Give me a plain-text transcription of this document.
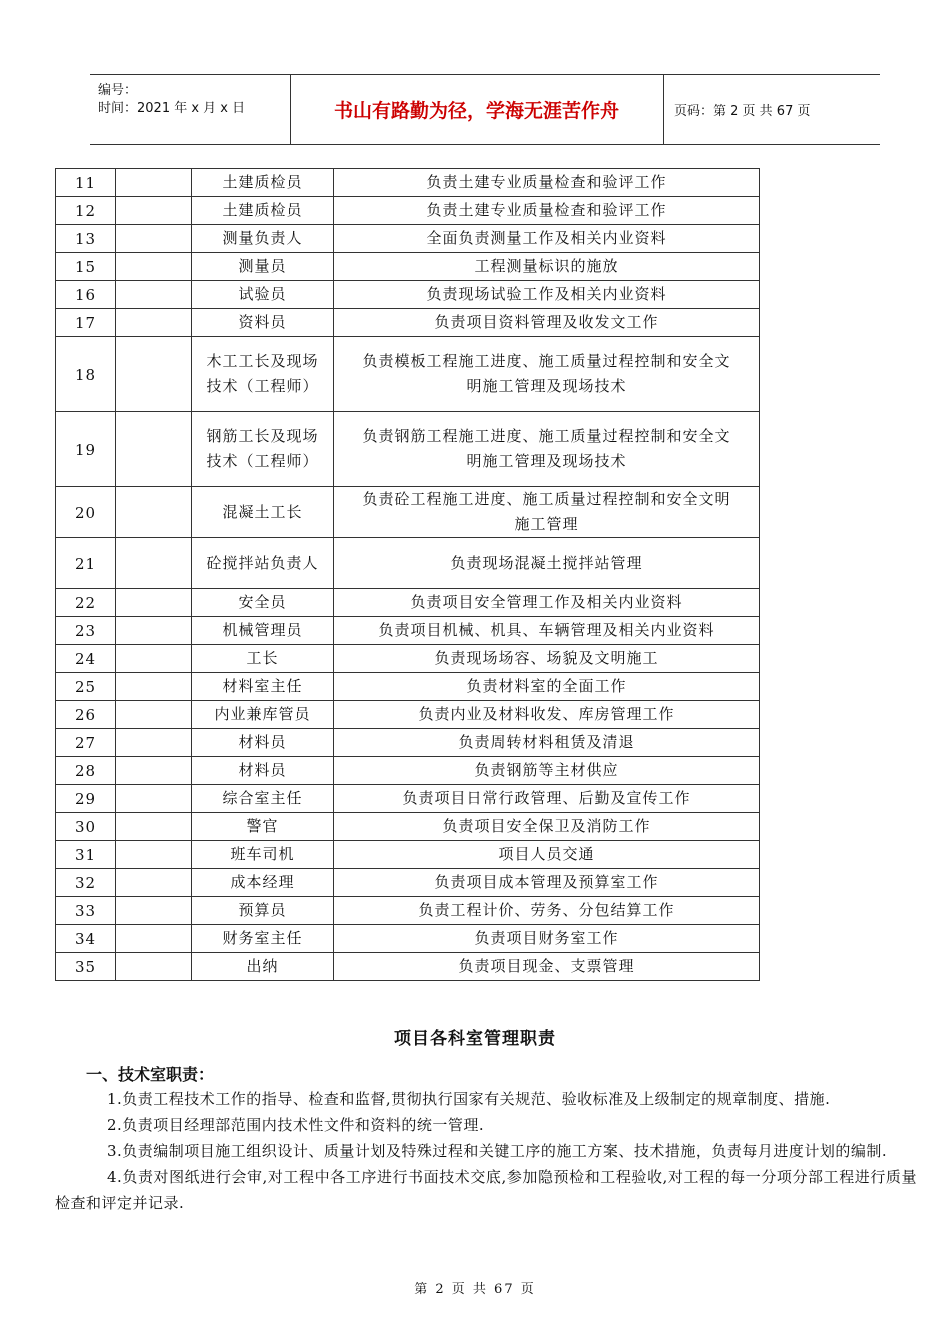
编号：
时间：2021 年 x 月 x 日	书山有路勤为径，学海无涯苦作舟	页码：第 2 页 共 67 页
11		土建质检员	负责土建专业质量检查和验评工作
12		土建质检员	负责土建专业质量检查和验评工作
13		测量负责人	全面负责测量工作及相关内业资料
15		测量员	工程测量标识的施放
16		试验员	负责现场试验工作及相关内业资料
17		资料员	负责项目资料管理及收发文工作
18		木工工长及现场技术（工程师）	负责模板工程施工进度、施工质量过程控制和安全文明施工管理及现场技术
19		钢筋工长及现场技术（工程师）	负责钢筋工程施工进度、施工质量过程控制和安全文明施工管理及现场技术
20		混凝土工长	负责砼工程施工进度、施工质量过程控制和安全文明施工管理
21		砼搅拌站负责人	负责现场混凝土搅拌站管理
22		安全员	负责项目安全管理工作及相关内业资料
23		机械管理员	负责项目机械、机具、车辆管理及相关内业资料
24		工长	负责现场场容、场貌及文明施工
25		材料室主任	负责材料室的全面工作
26		内业兼库管员	负责内业及材料收发、库房管理工作
27		材料员	负责周转材料租赁及清退
28		材料员	负责钢筋等主材供应
29		综合室主任	负责项目日常行政管理、后勤及宣传工作
30		警官	负责项目安全保卫及消防工作
31		班车司机	项目人员交通
32		成本经理	负责项目成本管理及预算室工作
33		预算员	负责工程计价、劳务、分包结算工作
34		财务室主任	负责项目财务室工作
35		出纳	负责项目现金、支票管理
项目各科室管理职责
一、技术室职责：

1.负责工程技术工作的指导、检查和监督,贯彻执行国家有关规范、验收标准及上级制定的规章制度、措施.

2.负责项目经理部范围内技术性文件和资料的统一管理.

3.负责编制项目施工组织设计、质量计划及特殊过程和关键工序的施工方案、技术措施，负责每月进度计划的编制.

4.负责对图纸进行会审,对工程中各工序进行书面技术交底,参加隐预检和工程验收,对工程的每一分项分部工程进行质量检查和评定并记录.

第 2 页 共 67 页
